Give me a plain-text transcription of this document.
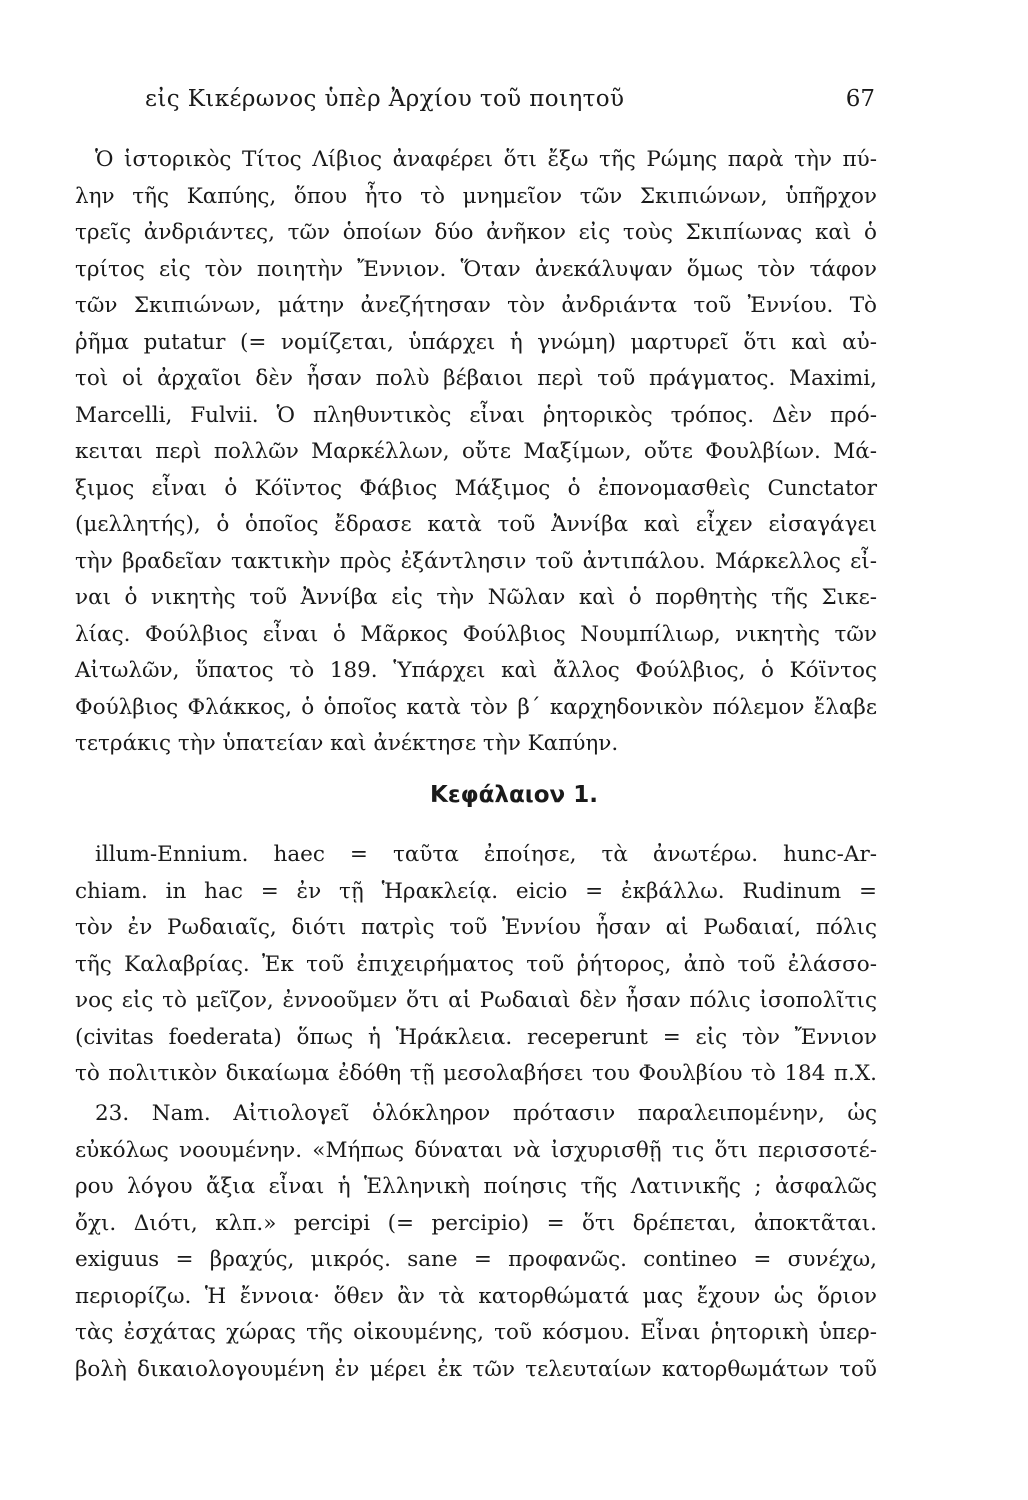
εἰς Κικέρωνος ὑπὲρ Ἀρχίου τοῦ ποιητοῦ	67
Ὁ ἱστορικὸς Τίτος Λίβιος ἀναφέρει ὅτι ἔξω τῆς Ρώμης παρὰ τὴν πύ-
λην τῆς Καπύης, ὅπου ἦτο τὸ μνημεῖον τῶν Σκιπιώνων, ὑπῆρχον
τρεῖς ἀνδριάντες, τῶν ὁποίων δύο ἀνῆκον εἰς τοὺς Σκιπίωνας καὶ ὁ
τρίτος εἰς τὸν ποιητὴν Ἔννιον. Ὅταν ἀνεκάλυψαν ὅμως τὸν τάφον
τῶν Σκιπιώνων, μάτην ἀνεζήτησαν τὸν ἀνδριάντα τοῦ Ἐννίου. Τὸ
ῥῆμα putatur (= νομίζεται, ὑπάρχει ἡ γνώμη) μαρτυρεῖ ὅτι καὶ αὐ-
τοὶ οἱ ἀρχαῖοι δὲν ἦσαν πολὺ βέβαιοι περὶ τοῦ πράγματος. Maximi,
Marcelli, Fulvii. Ὁ πληθυντικὸς εἶναι ῥητορικὸς τρόπος. Δὲν πρό-
κειται περὶ πολλῶν Μαρκέλλων, οὔτε Μαξίμων, οὔτε Φουλβίων. Μά-
ξιμος εἶναι ὁ Κόϊντος Φάβιος Μάξιμος ὁ ἐπονομασθεὶς Cunctator
(μελλητής), ὁ ὁποῖος ἔδρασε κατὰ τοῦ Ἀννίβα καὶ εἶχεν εἰσαγάγει
τὴν βραδεῖαν τακτικὴν πρὸς ἐξάντλησιν τοῦ ἀντιπάλου. Μάρκελλος εἶ-
ναι ὁ νικητὴς τοῦ Ἀννίβα εἰς τὴν Νῶλαν καὶ ὁ πορθητὴς τῆς Σικε-
λίας. Φούλβιος εἶναι ὁ Μᾶρκος Φούλβιος Νουμπίλιωρ, νικητὴς τῶν
Αἰτωλῶν, ὕπατος τὸ 189. Ὑπάρχει καὶ ἄλλος Φούλβιος, ὁ Κόϊντος
Φούλβιος Φλάκκος, ὁ ὁποῖος κατὰ τὸν β΄ καρχηδονικὸν πόλεμον ἔλαβε
τετράκις τὴν ὑπατείαν καὶ ἀνέκτησε τὴν Καπύην.
Κεφάλαιον 1.
illum-Ennium. haec = ταῦτα ἐποίησε, τὰ ἀνωτέρω. hunc-Ar-
chiam. in hac = ἐν τῇ Ἡρακλείᾳ. eicio = ἐκβάλλω. Rudinum =
τὸν ἐν Ρωδαιαῖς, διότι πατρὶς τοῦ Ἐννίου ἦσαν αἱ Ρωδαιαί, πόλις
τῆς Καλαβρίας. Ἐκ τοῦ ἐπιχειρήματος τοῦ ῥήτορος, ἀπὸ τοῦ ἐλάσσο-
νος εἰς τὸ μεῖζον, ἐννοοῦμεν ὅτι αἱ Ρωδαιαὶ δὲν ἦσαν πόλις ἰσοπολῖτις
(civitas foederata) ὅπως ἡ Ἡράκλεια. receperunt = εἰς τὸν Ἔννιον
τὸ πολιτικὸν δικαίωμα ἐδόθη τῇ μεσολαβήσει του Φουλβίου τὸ 184 π.Χ.
23. Nam. Αἰτιολογεῖ ὁλόκληρον πρότασιν παραλειπομένην, ὡς
εὐκόλως νοουμένην. «Μήπως δύναται νὰ ἰσχυρισθῇ τις ὅτι περισσοτέ-
ρου λόγου ἄξια εἶναι ἡ Ἑλληνικὴ ποίησις τῆς Λατινικῆς ; ἀσφαλῶς
ὄχι. Διότι, κλπ.» percipi (= percipio) = ὅτι δρέπεται, ἀποκτᾶται.
exiguus = βραχύς, μικρός. sane = προφανῶς. contineo = συνέχω,
περιορίζω. Ἡ ἔννοια· ὅθεν ἂν τὰ κατορθώματά μας ἔχουν ὡς ὅριον
τὰς ἐσχάτας χώρας τῆς οἰκουμένης, τοῦ κόσμου. Εἶναι ῥητορικὴ ὑπερ-
βολὴ δικαιολογουμένη ἐν μέρει ἐκ τῶν τελευταίων κατορθωμάτων τοῦ
